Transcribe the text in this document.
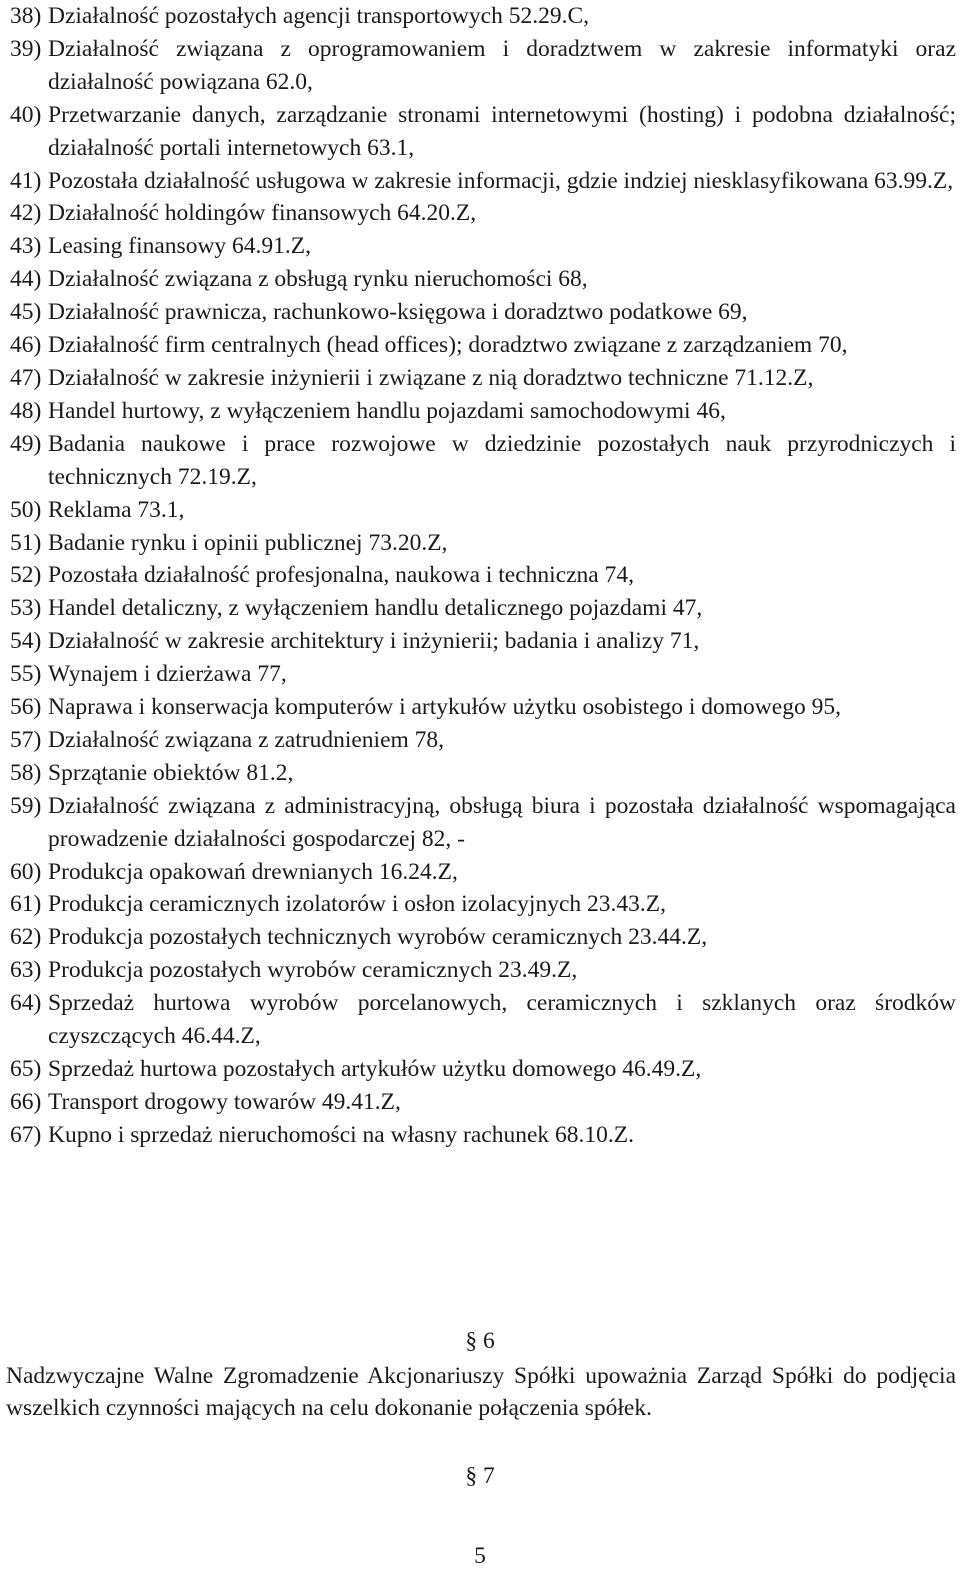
38) Działalność pozostałych agencji transportowych 52.29.C,
39) Działalność związana z oprogramowaniem i doradztwem w zakresie informatyki oraz działalność powiązana 62.0,
40) Przetwarzanie danych, zarządzanie stronami internetowymi (hosting) i podobna działalność; działalność portali internetowych 63.1,
41) Pozostała działalność usługowa w zakresie informacji, gdzie indziej niesklasyfikowana 63.99.Z,
42) Działalność holdingów finansowych 64.20.Z,
43) Leasing finansowy 64.91.Z,
44) Działalność związana z obsługą rynku nieruchomości 68,
45) Działalność prawnicza, rachunkowo-księgowa i doradztwo podatkowe 69,
46) Działalność firm centralnych (head offices); doradztwo związane z zarządzaniem 70,
47) Działalność w zakresie inżynierii i związane z nią doradztwo techniczne 71.12.Z,
48) Handel hurtowy, z wyłączeniem handlu pojazdami samochodowymi 46,
49) Badania naukowe i prace rozwojowe w dziedzinie pozostałych nauk przyrodniczych i technicznych 72.19.Z,
50) Reklama 73.1,
51) Badanie rynku i opinii publicznej 73.20.Z,
52) Pozostała działalność profesjonalna, naukowa i techniczna 74,
53) Handel detaliczny, z wyłączeniem handlu detalicznego pojazdami 47,
54) Działalność w zakresie architektury i inżynierii; badania i analizy 71,
55) Wynajem i dzierżawa 77,
56) Naprawa i konserwacja komputerów i artykułów użytku osobistego i domowego 95,
57) Działalność związana z zatrudnieniem 78,
58) Sprzątanie obiektów 81.2,
59) Działalność związana z administracyjną, obsługą biura i pozostała działalność wspomagająca prowadzenie działalności gospodarczej 82, -
60) Produkcja opakowań drewnianych 16.24.Z,
61) Produkcja ceramicznych izolatorów i osłon izolacyjnych 23.43.Z,
62) Produkcja pozostałych technicznych wyrobów ceramicznych 23.44.Z,
63) Produkcja pozostałych wyrobów ceramicznych 23.49.Z,
64) Sprzedaż hurtowa wyrobów porcelanowych, ceramicznych i szklanych oraz środków czyszczących 46.44.Z,
65) Sprzedaż hurtowa pozostałych artykułów użytku domowego 46.49.Z,
66) Transport drogowy towarów 49.41.Z,
67) Kupno i sprzedaż nieruchomości na własny rachunek 68.10.Z.
§ 6
Nadzwyczajne Walne Zgromadzenie Akcjonariuszy Spółki upoważnia Zarząd Spółki do podjęcia wszelkich czynności mających na celu dokonanie połączenia spółek.
§ 7
5
